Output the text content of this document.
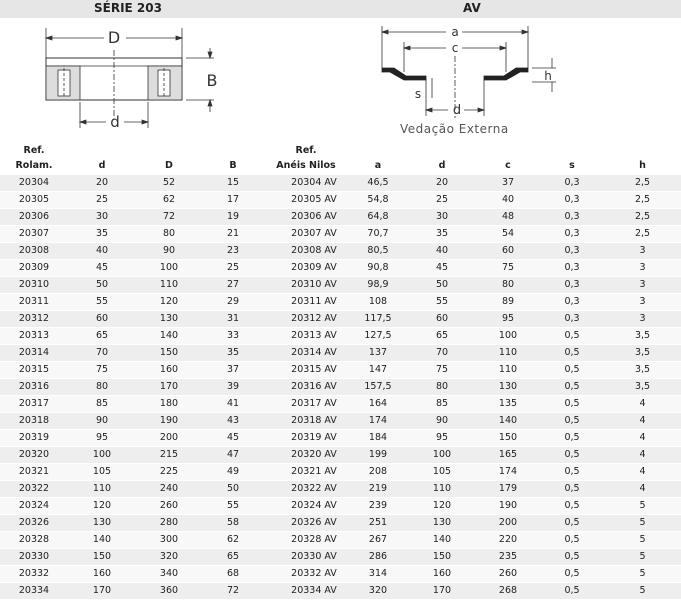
SÉRIE 203	AV
D
B
d
a
c
h
s
d
Vedação Externa
Ref.				Ref.					
Rolam.	d	D	B	Anéis Nilos	a	d	c	s	h
20304	20	52	15	20304 AV	46,5	20	37	0,3	2,5
20305	25	62	17	20305 AV	54,8	25	40	0,3	2,5
20306	30	72	19	20306 AV	64,8	30	48	0,3	2,5
20307	35	80	21	20307 AV	70,7	35	54	0,3	2,5
20308	40	90	23	20308 AV	80,5	40	60	0,3	3
20309	45	100	25	20309 AV	90,8	45	75	0,3	3
20310	50	110	27	20310 AV	98,9	50	80	0,3	3
20311	55	120	29	20311 AV	108	55	89	0,3	3
20312	60	130	31	20312 AV	117,5	60	95	0,3	3
20313	65	140	33	20313 AV	127,5	65	100	0,5	3,5
20314	70	150	35	20314 AV	137	70	110	0,5	3,5
20315	75	160	37	20315 AV	147	75	110	0,5	3,5
20316	80	170	39	20316 AV	157,5	80	130	0,5	3,5
20317	85	180	41	20317 AV	164	85	135	0,5	4
20318	90	190	43	20318 AV	174	90	140	0,5	4
20319	95	200	45	20319 AV	184	95	150	0,5	4
20320	100	215	47	20320 AV	199	100	165	0,5	4
20321	105	225	49	20321 AV	208	105	174	0,5	4
20322	110	240	50	20322 AV	219	110	179	0,5	4
20324	120	260	55	20324 AV	239	120	190	0,5	5
20326	130	280	58	20326 AV	251	130	200	0,5	5
20328	140	300	62	20328 AV	267	140	220	0,5	5
20330	150	320	65	20330 AV	286	150	235	0,5	5
20332	160	340	68	20332 AV	314	160	260	0,5	5
20334	170	360	72	20334 AV	320	170	268	0,5	5
